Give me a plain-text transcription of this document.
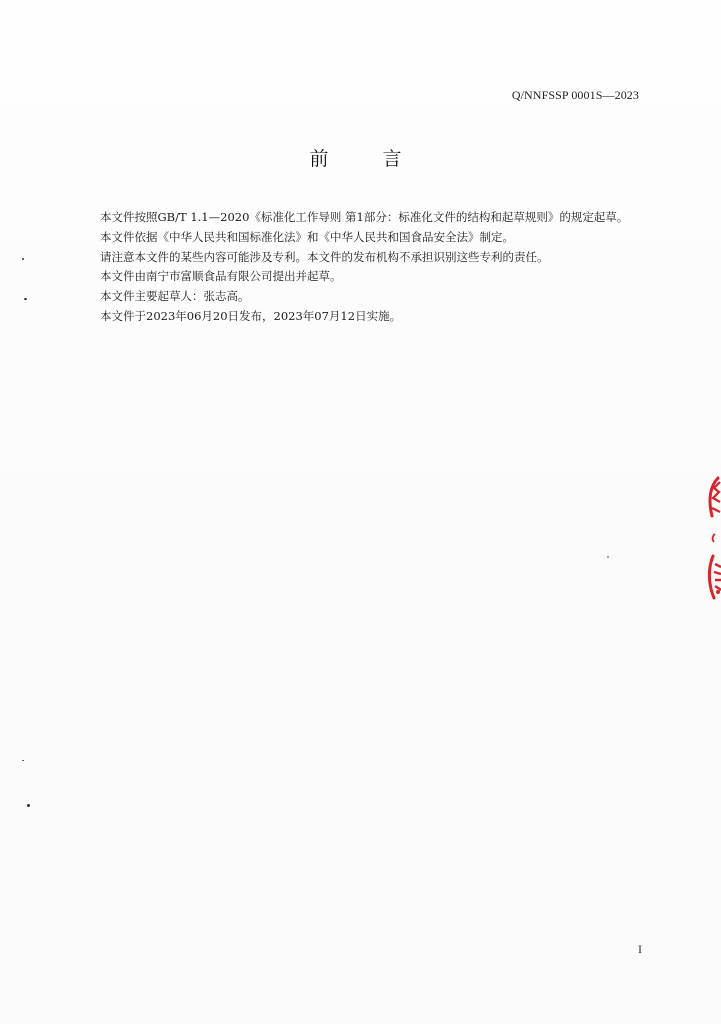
Q/NNFSSP 0001S—2023
前 言

本文件按照GB/T 1.1—2020《标准化工作导则 第1部分：标准化文件的结构和起草规则》的规定起草。

本文件依据《中华人民共和国标准化法》和《中华人民共和国食品安全法》制定。

请注意本文件的某些内容可能涉及专利。本文件的发布机构不承担识别这些专利的责任。

本文件由南宁市富顺食品有限公司提出并起草。

本文件主要起草人：张志高。

本文件于2023年06月20日发布，2023年07月12日实施。

I
